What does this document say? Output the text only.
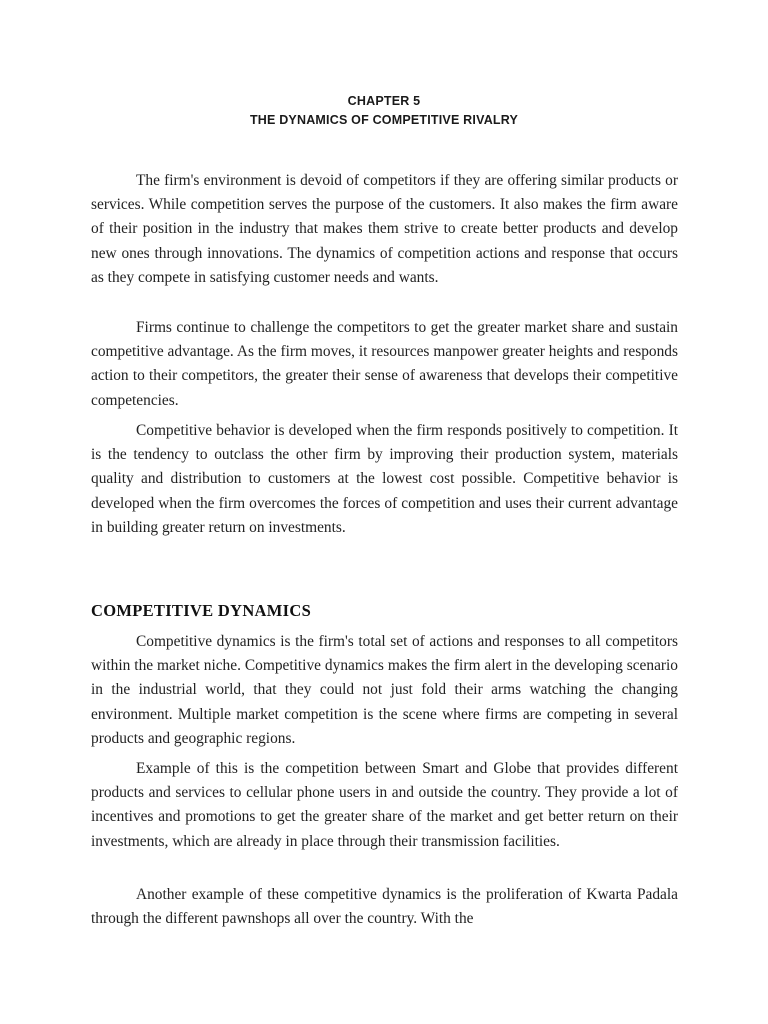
CHAPTER 5
THE DYNAMICS OF COMPETITIVE RIVALRY

The firm's environment is devoid of competitors if they are offering similar products or services. While competition serves the purpose of the customers. It also makes the firm aware of their position in the industry that makes them strive to create better products and develop new ones through innovations. The dynamics of competition actions and response that occurs as they compete in satisfying customer needs and wants.

Firms continue to challenge the competitors to get the greater market share and sustain competitive advantage. As the firm moves, it resources manpower greater heights and responds action to their competitors, the greater their sense of awareness that develops their competitive competencies.

Competitive behavior is developed when the firm responds positively to competition. It is the tendency to outclass the other firm by improving their production system, materials quality and distribution to customers at the lowest cost possible. Competitive behavior is developed when the firm overcomes the forces of competition and uses their current advantage in building greater return on investments.

COMPETITIVE DYNAMICS

Competitive dynamics is the firm's total set of actions and responses to all competitors within the market niche. Competitive dynamics makes the firm alert in the developing scenario in the industrial world, that they could not just fold their arms watching the changing environment. Multiple market competition is the scene where firms are competing in several products and geographic regions.

Example of this is the competition between Smart and Globe that provides different products and services to cellular phone users in and outside the country. They provide a lot of incentives and promotions to get the greater share of the market and get better return on their investments, which are already in place through their transmission facilities.

Another example of these competitive dynamics is the proliferation of Kwarta Padala through the different pawnshops all over the country. With the
